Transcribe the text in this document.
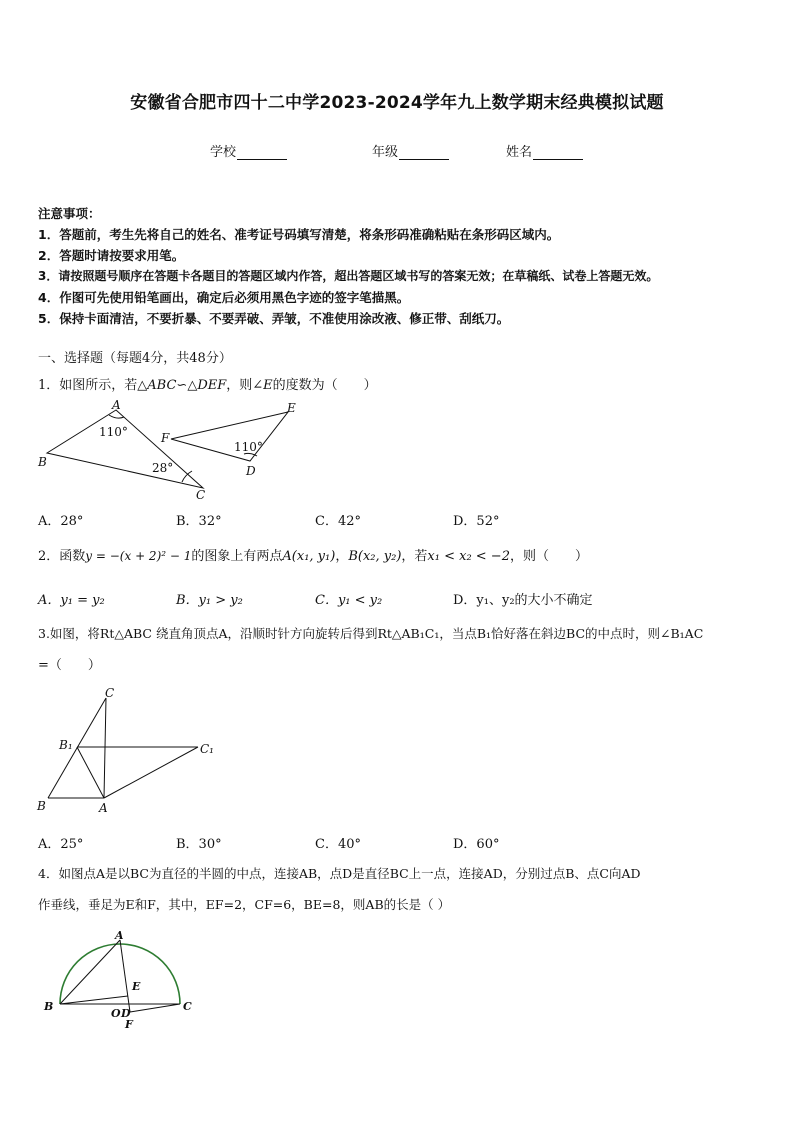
安徽省合肥市四十二中学2023-2024学年九上数学期末经典模拟试题
学校	年级	姓名
注意事项：
1．答题前，考生先将自己的姓名、准考证号码填写清楚，将条形码准确粘贴在条形码区域内。
2．答题时请按要求用笔。
3．请按照题号顺序在答题卡各题目的答题区域内作答，超出答题区域书写的答案无效；在草稿纸、试卷上答题无效。
4．作图可先使用铅笔画出，确定后必须用黑色字迹的签字笔描黑。
5．保持卡面清洁，不要折暴、不要弄破、弄皱，不准使用涂改液、修正带、刮纸刀。
一、选择题（每题4分，共48分）
1．如图所示，若△ABC∽△DEF，则∠E的度数为（　　）
A
B
C
110°
28°
E
F
110°
D
A．28°	B．32°	C．42°	D．52°
2．函数y = −(x + 2)² − 1的图象上有两点A(x₁, y₁)，B(x₂, y₂)，若x₁ < x₂ < −2，则（　　）
A．y₁ = y₂	B．y₁ > y₂	C．y₁ < y₂	D．y₁、y₂的大小不确定
3.如图，将Rt△ABC 绕直角顶点A，沿顺时针方向旋转后得到Rt△AB₁C₁，当点B₁恰好落在斜边BC的中点时，则∠B₁AC
=（　　）
C
B₁	C₁
B	A
A．25°	B．30°	C．40°	D．60°
4．如图点A是以BC为直径的半圆的中点，连接AB，点D是直径BC上一点，连接AD，分别过点B、点C向AD
作垂线，垂足为E和F，其中，EF=2，CF=6，BE=8，则AB的长是（ ）
A
B	C
E
O D
F
